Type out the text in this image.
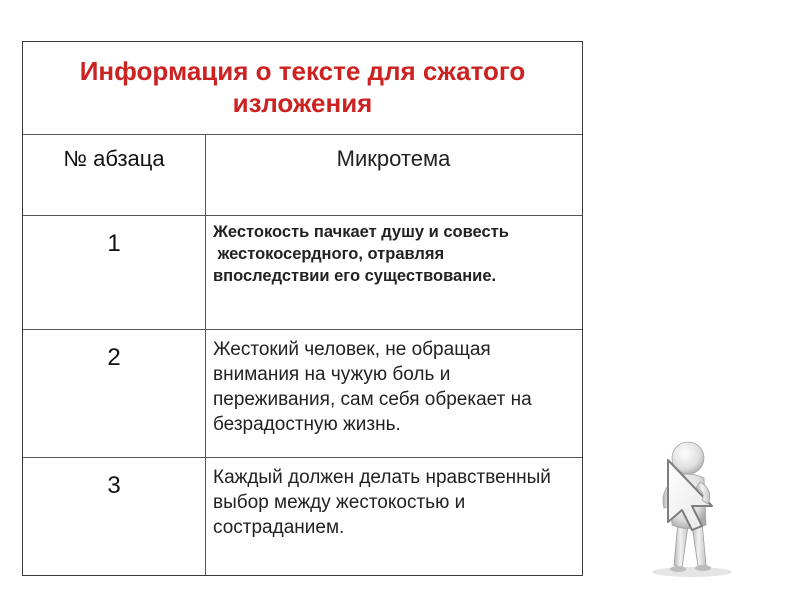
Информация о тексте для сжатого изложения
№ абзаца	Микротема
1	Жестокость пачкает душу и совесть
жестокосердного, отравляя
впоследствии его существование.
2	Жестокий человек, не обращая внимания на чужую боль и переживания, сам себя обрекает на безрадостную жизнь.
3	Каждый должен делать нравственный выбор между жестокостью и состраданием.
